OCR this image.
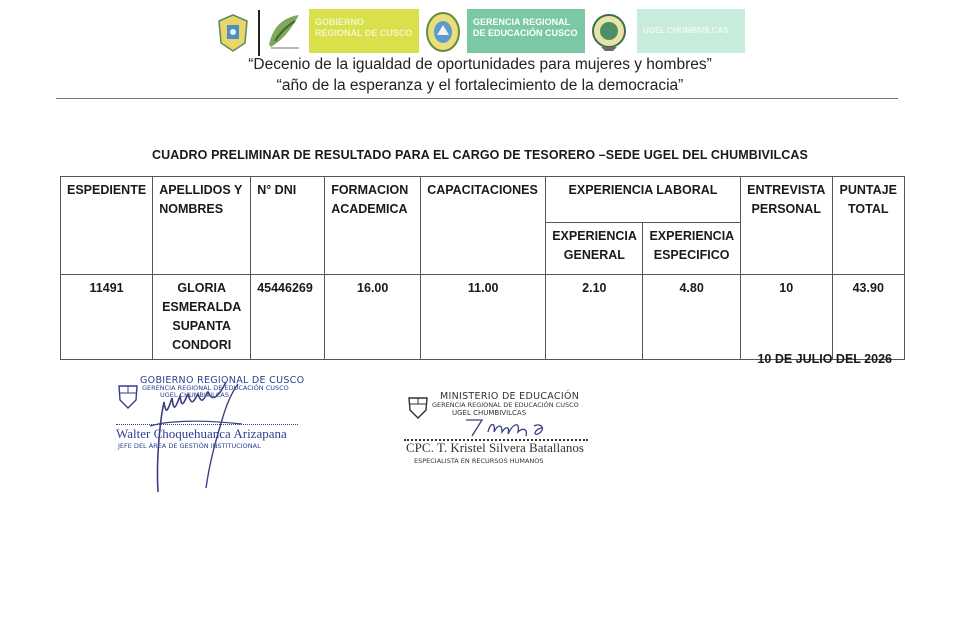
GOBIERNO REGIONAL DE CUSCO
GERENCIA REGIONAL DE EDUCACIÓN CUSCO	UGEL CHUMBIVILCAS
“Decenio de la igualdad de oportunidades para mujeres y hombres”
“año de la esperanza y el fortalecimiento de la democracia”
CUADRO PRELIMINAR DE RESULTADO PARA EL CARGO DE TESORERO –SEDE UGEL DEL CHUMBIVILCAS
ESPEDIENTE	APELLIDOS Y NOMBRES	N° DNI	FORMACION ACADEMICA	CAPACITACIONES	EXPERIENCIA LABORAL		ENTREVISTA PERSONAL	PUNTAJE TOTAL
					EXPERIENCIA GENERAL	EXPERIENCIA ESPECIFICO		
11491	GLORIA ESMERALDA SUPANTA CONDORI	45446269	16.00	11.00	2.10	4.80	10	43.90
10 DE JULIO DEL 2026
GOBIERNO REGIONAL DE CUSCO
GERENCIA REGIONAL DE EDUCACIÓN CUSCO
UGEL CHUMBIVILCAS
Walter Choquehuanca Arizapana
JEFE DEL ÁREA DE GESTIÓN INSTITUCIONAL
MINISTERIO DE EDUCACIÓN
GERENCIA REGIONAL DE EDUCACIÓN CUSCO
UGEL CHUMBIVILCAS
CPC. T. Kristel Silvera Batallanos
ESPECIALISTA EN RECURSOS HUMANOS
